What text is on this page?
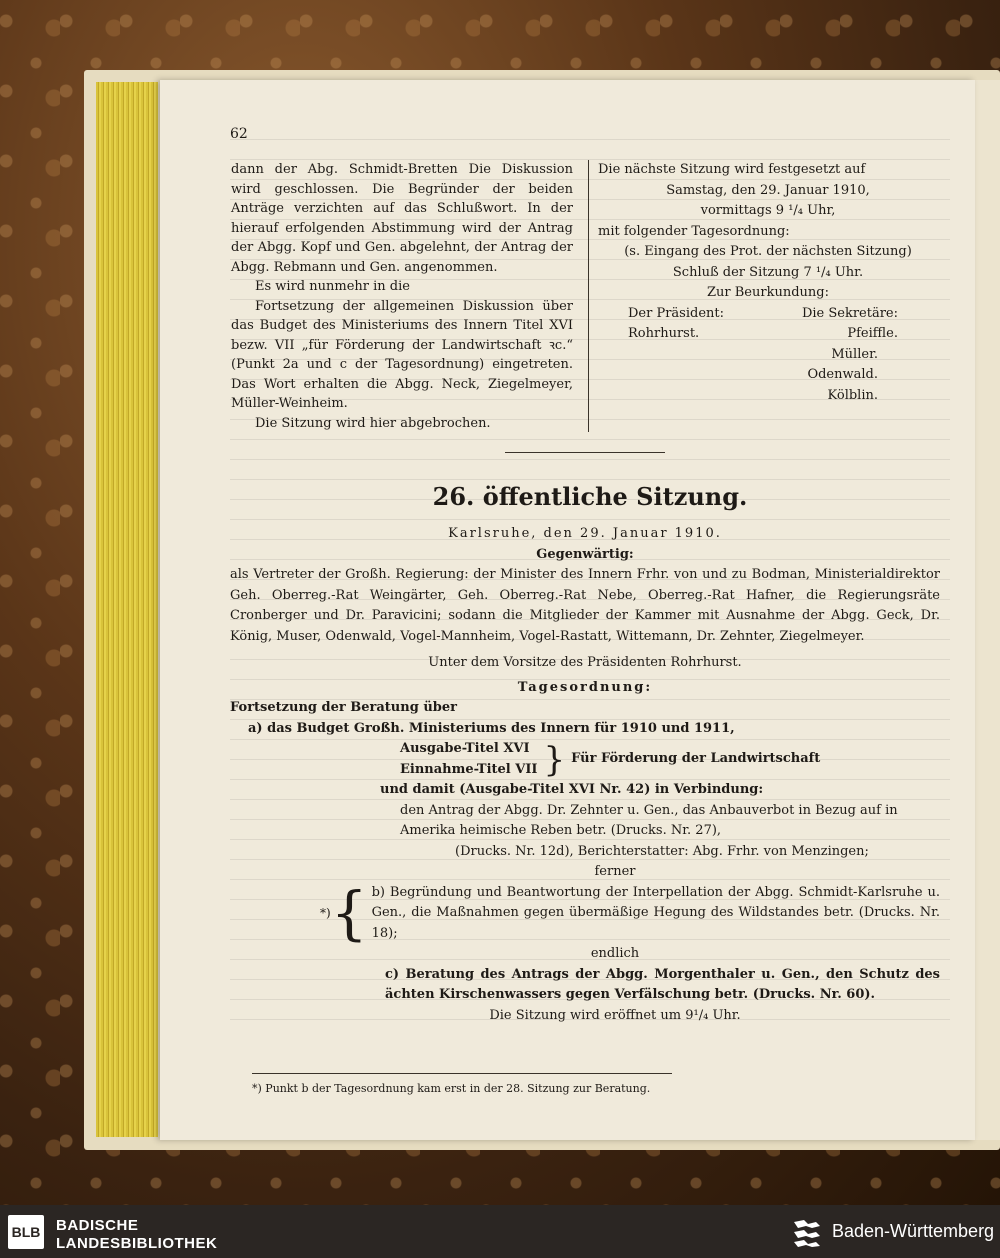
62

dann der Abg. Schmidt-Bretten Die Diskussion wird geschlossen. Die Begründer der beiden Anträge verzichten auf das Schlußwort. In der hierauf erfolgenden Abstimmung wird der Antrag der Abgg. Kopf und Gen. abgelehnt, der Antrag der Abgg. Rebmann und Gen. angenommen.

Es wird nunmehr in die

Fortsetzung der allgemeinen Diskussion über das Budget des Ministeriums des Innern Titel XVI bezw. VII „für Förderung der Landwirtschaft ꝛc.“ (Punkt 2a und c der Tagesordnung) eingetreten. Das Wort erhalten die Abgg. Neck, Ziegelmeyer, Müller-Weinheim.

Die Sitzung wird hier abgebrochen.

Die nächste Sitzung wird festgesetzt auf
Samstag, den 29. Januar 1910,
vormittags 9 ¹/₄ Uhr,
mit folgender Tagesordnung:
(s. Eingang des Prot. der nächsten Sitzung)
Schluß der Sitzung 7 ¹/₄ Uhr.
Zur Beurkundung:
Der Präsident:	Die Sekretäre:
Rohrhurst.	Pfeiffle.
Müller.
Odenwald.
Kölblin.
26. öffentliche Sitzung.

Karlsruhe, den 29. Januar 1910.

Gegenwärtig:

als Vertreter der Großh. Regierung: der Minister des Innern Frhr. von und zu Bodman, Ministerialdirektor Geh. Oberreg.-Rat Weingärter, Geh. Oberreg.-Rat Nebe, Oberreg.-Rat Hafner, die Regierungsräte Cronberger und Dr. Paravicini; sodann die Mitglieder der Kammer mit Ausnahme der Abgg. Geck, Dr. König, Muser, Odenwald, Vogel-Mannheim, Vogel-Rastatt, Wittemann, Dr. Zehnter, Ziegelmeyer.

Unter dem Vorsitze des Präsidenten Rohrhurst.

Tagesordnung:

Fortsetzung der Beratung über

a) das Budget Großh. Ministeriums des Innern für 1910 und 1911,

Ausgabe-Titel XVI
Einnahme-Titel VII } Für Förderung der Landwirtschaft

und damit (Ausgabe-Titel XVI Nr. 42) in Verbindung:

den Antrag der Abgg. Dr. Zehnter u. Gen., das Anbauverbot in Bezug auf in Amerika heimische Reben betr. (Drucks. Nr. 27),

(Drucks. Nr. 12d), Berichterstatter: Abg. Frhr. von Menzingen;

ferner

*) { b) Begründung und Beantwortung der Interpellation der Abgg. Schmidt-Karlsruhe u. Gen., die Maßnahmen gegen übermäßige Hegung des Wildstandes betr. (Drucks. Nr. 18);

endlich

c) Beratung des Antrags der Abgg. Morgenthaler u. Gen., den Schutz des ächten Kirschenwassers gegen Verfälschung betr. (Drucks. Nr. 60).

Die Sitzung wird eröffnet um 9¹/₄ Uhr.

*) Punkt b der Tagesordnung kam erst in der 28. Sitzung zur Beratung.
BLB BADISCHE
LANDESBIBLIOTHEK
Baden-Württemberg
